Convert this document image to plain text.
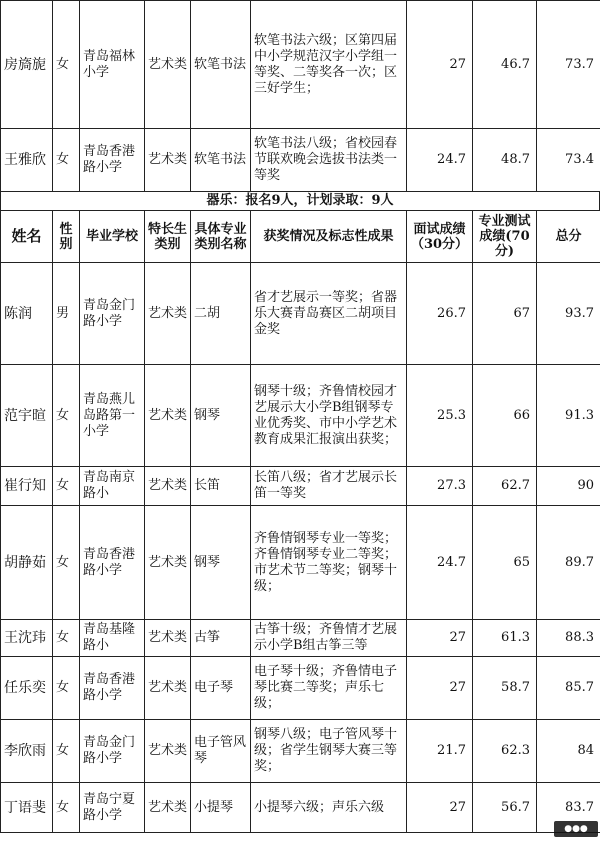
房旖旎	女	青岛福林小学	艺术类	软笔书法	软笔书法六级；区第四届中小学规范汉字小学组一等奖、二等奖各一次；区三好学生；	27	46.7	73.7
王雅欣	女	青岛香港路小学	艺术类	软笔书法	软笔书法八级；省校园春节联欢晚会选拔书法类一等奖	24.7	48.7	73.4
器乐：报名9人，计划录取：9人
姓名	性别	毕业学校	特长生类别	具体专业类别名称	获奖情况及标志性成果	面试成绩（30分）	专业测试成绩(70分)	总分
陈润	男	青岛金门路小学	艺术类	二胡	省才艺展示一等奖；省器乐大赛青岛赛区二胡项目金奖	26.7	67	93.7
范宇暄	女	青岛燕儿岛路第一小学	艺术类	钢琴	钢琴十级；齐鲁情校园才艺展示大小学B组钢琴专业优秀奖、市中小学艺术教育成果汇报演出获奖；	25.3	66	91.3
崔行知	女	青岛南京路小	艺术类	长笛	长笛八级；省才艺展示长笛一等奖	27.3	62.7	90
胡静茹	女	青岛香港路小学	艺术类	钢琴	齐鲁情钢琴专业一等奖；齐鲁情钢琴专业二等奖；市艺术节二等奖；钢琴十级；	24.7	65	89.7
王沈玮	女	青岛基隆路小	艺术类	古筝	古筝十级；齐鲁情才艺展示小学B组古筝三等	27	61.3	88.3
任乐奕	女	青岛香港路小学	艺术类	电子琴	电子琴十级；齐鲁情电子琴比赛二等奖；声乐七级；	27	58.7	85.7
李欣雨	女	青岛金门路小学	艺术类	电子管风琴	钢琴八级；电子管风琴十级；省学生钢琴大赛三等奖；	21.7	62.3	84
丁语斐	女	青岛宁夏路小学	艺术类	小提琴	小提琴六级；声乐六级	27	56.7	83.7
●●●
